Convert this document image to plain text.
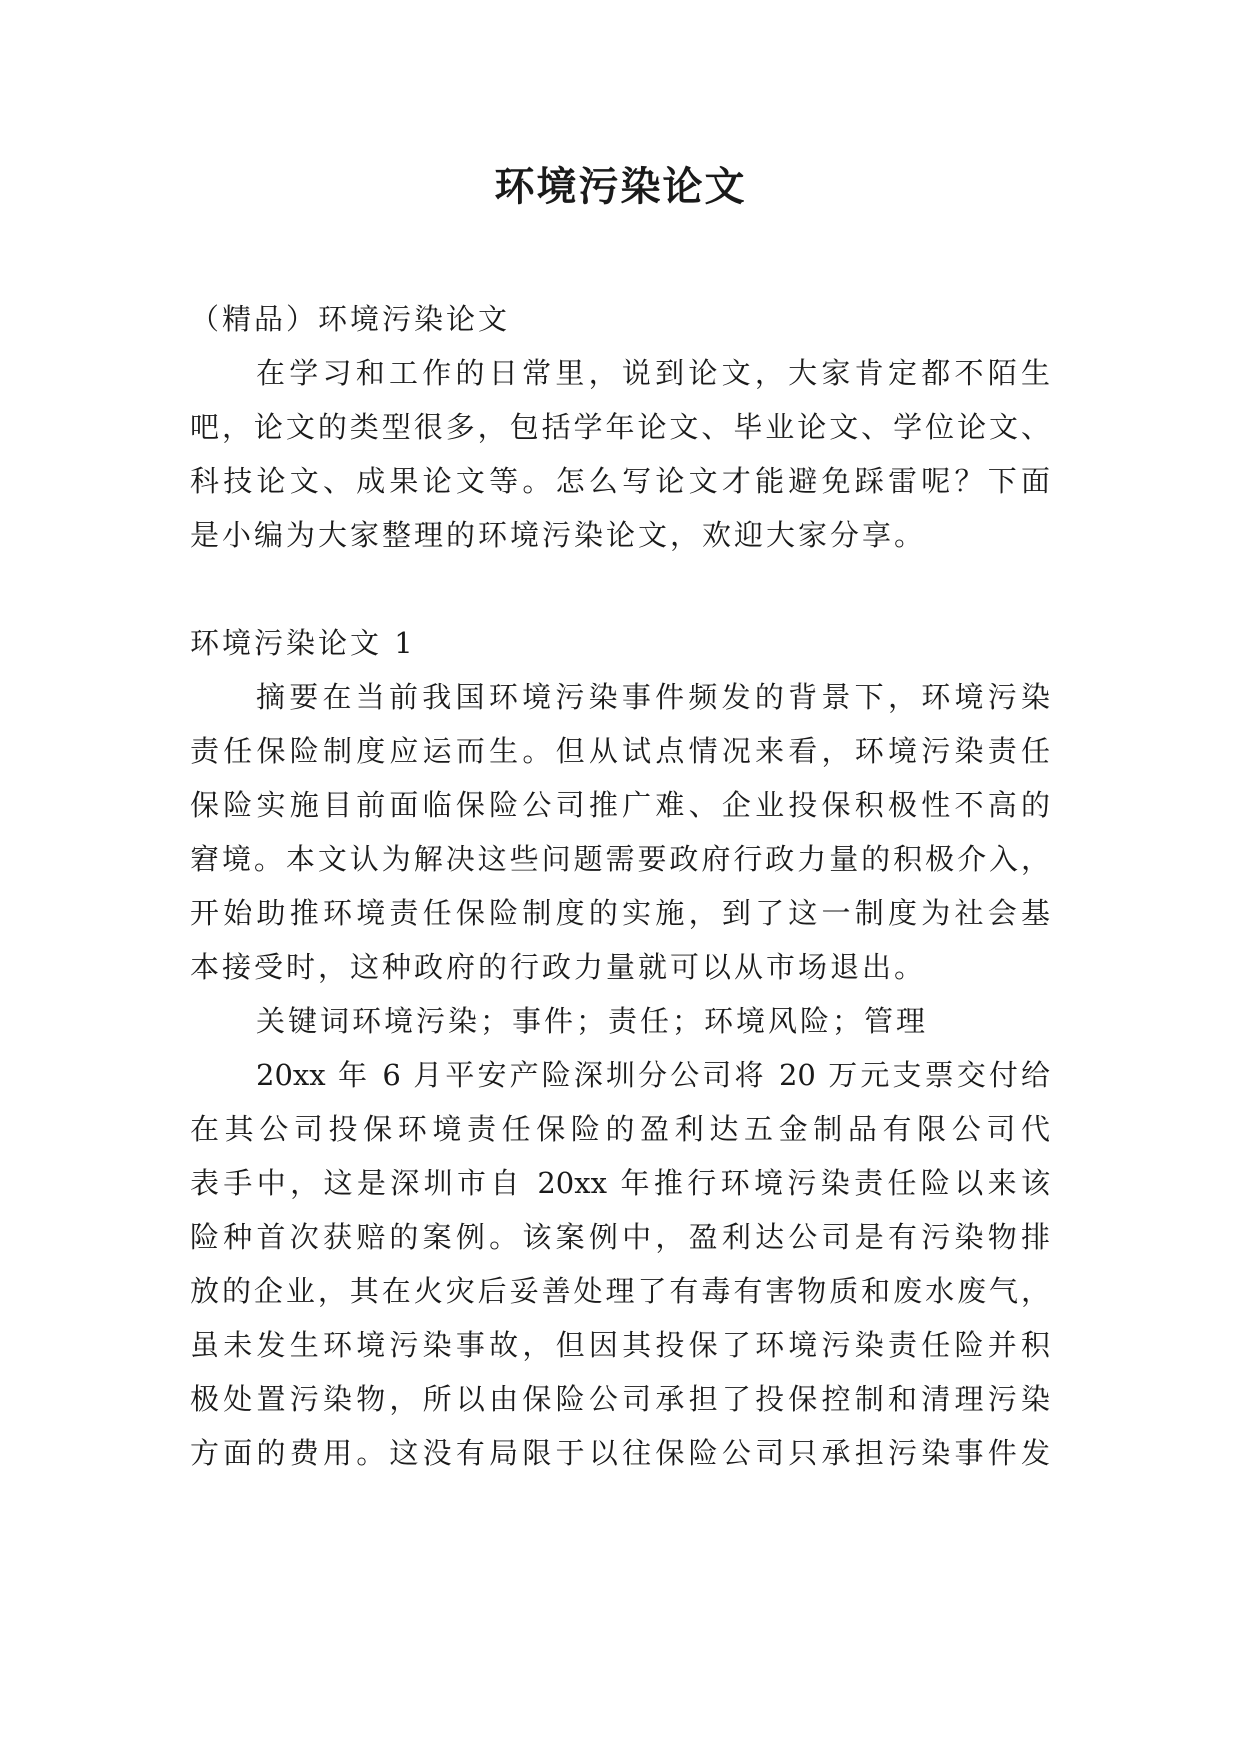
环境污染论文
（精品）环境污染论文
在学习和工作的日常里，说到论文，大家肯定都不陌生
吧，论文的类型很多，包括学年论文、毕业论文、学位论文、
科技论文、成果论文等。怎么写论文才能避免踩雷呢？下面
是小编为大家整理的环境污染论文，欢迎大家分享。
环境污染论文 1
摘要在当前我国环境污染事件频发的背景下，环境污染
责任保险制度应运而生。但从试点情况来看，环境污染责任
保险实施目前面临保险公司推广难、企业投保积极性不高的
窘境。本文认为解决这些问题需要政府行政力量的积极介入，
开始助推环境责任保险制度的实施，到了这一制度为社会基
本接受时，这种政府的行政力量就可以从市场退出。
关键词环境污染；事件；责任；环境风险；管理
20xx 年 6 月平安产险深圳分公司将 20 万元支票交付给
在其公司投保环境责任保险的盈利达五金制品有限公司代
表手中，这是深圳市自 20xx 年推行环境污染责任险以来该
险种首次获赔的案例。该案例中，盈利达公司是有污染物排
放的企业，其在火灾后妥善处理了有毒有害物质和废水废气，
虽未发生环境污染事故，但因其投保了环境污染责任险并积
极处置污染物，所以由保险公司承担了投保控制和清理污染
方面的费用。这没有局限于以往保险公司只承担污染事件发
